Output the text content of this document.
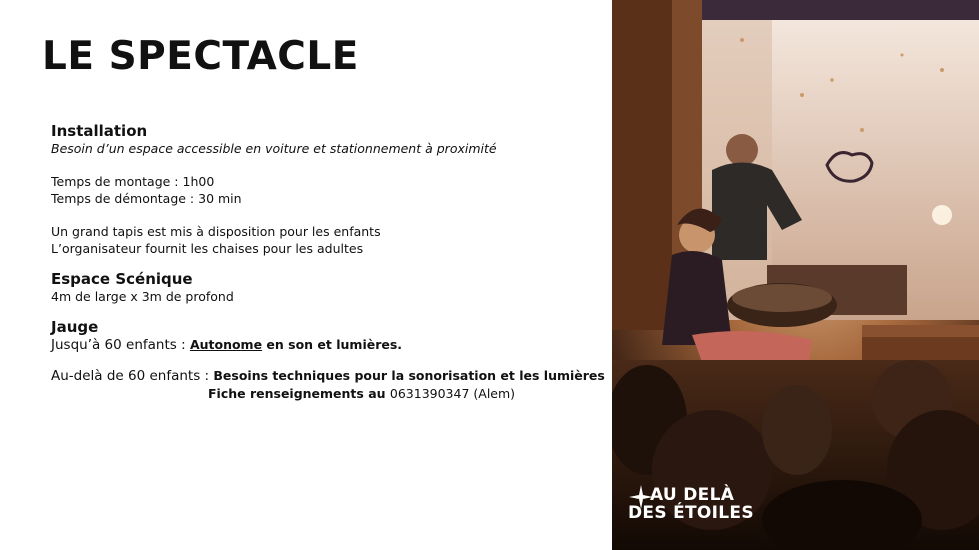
LE SPECTACLE

Installation

Besoin d’un espace accessible en voiture et stationnement à proximité

Temps de montage : 1h00

Temps de démontage : 30 min

Un grand tapis est mis à disposition pour les enfants

L’organisateur fournit les chaises pour les adultes

Espace Scénique

4m de large x 3m de profond

Jauge

Jusqu’à 60 enfants : Autonome en son et lumières.

Au-delà de 60 enfants : Besoins techniques pour la sonorisation et les lumières

Fiche renseignements au 0631390347 (Alem)

AU DELÀ
DES ÉTOILES
